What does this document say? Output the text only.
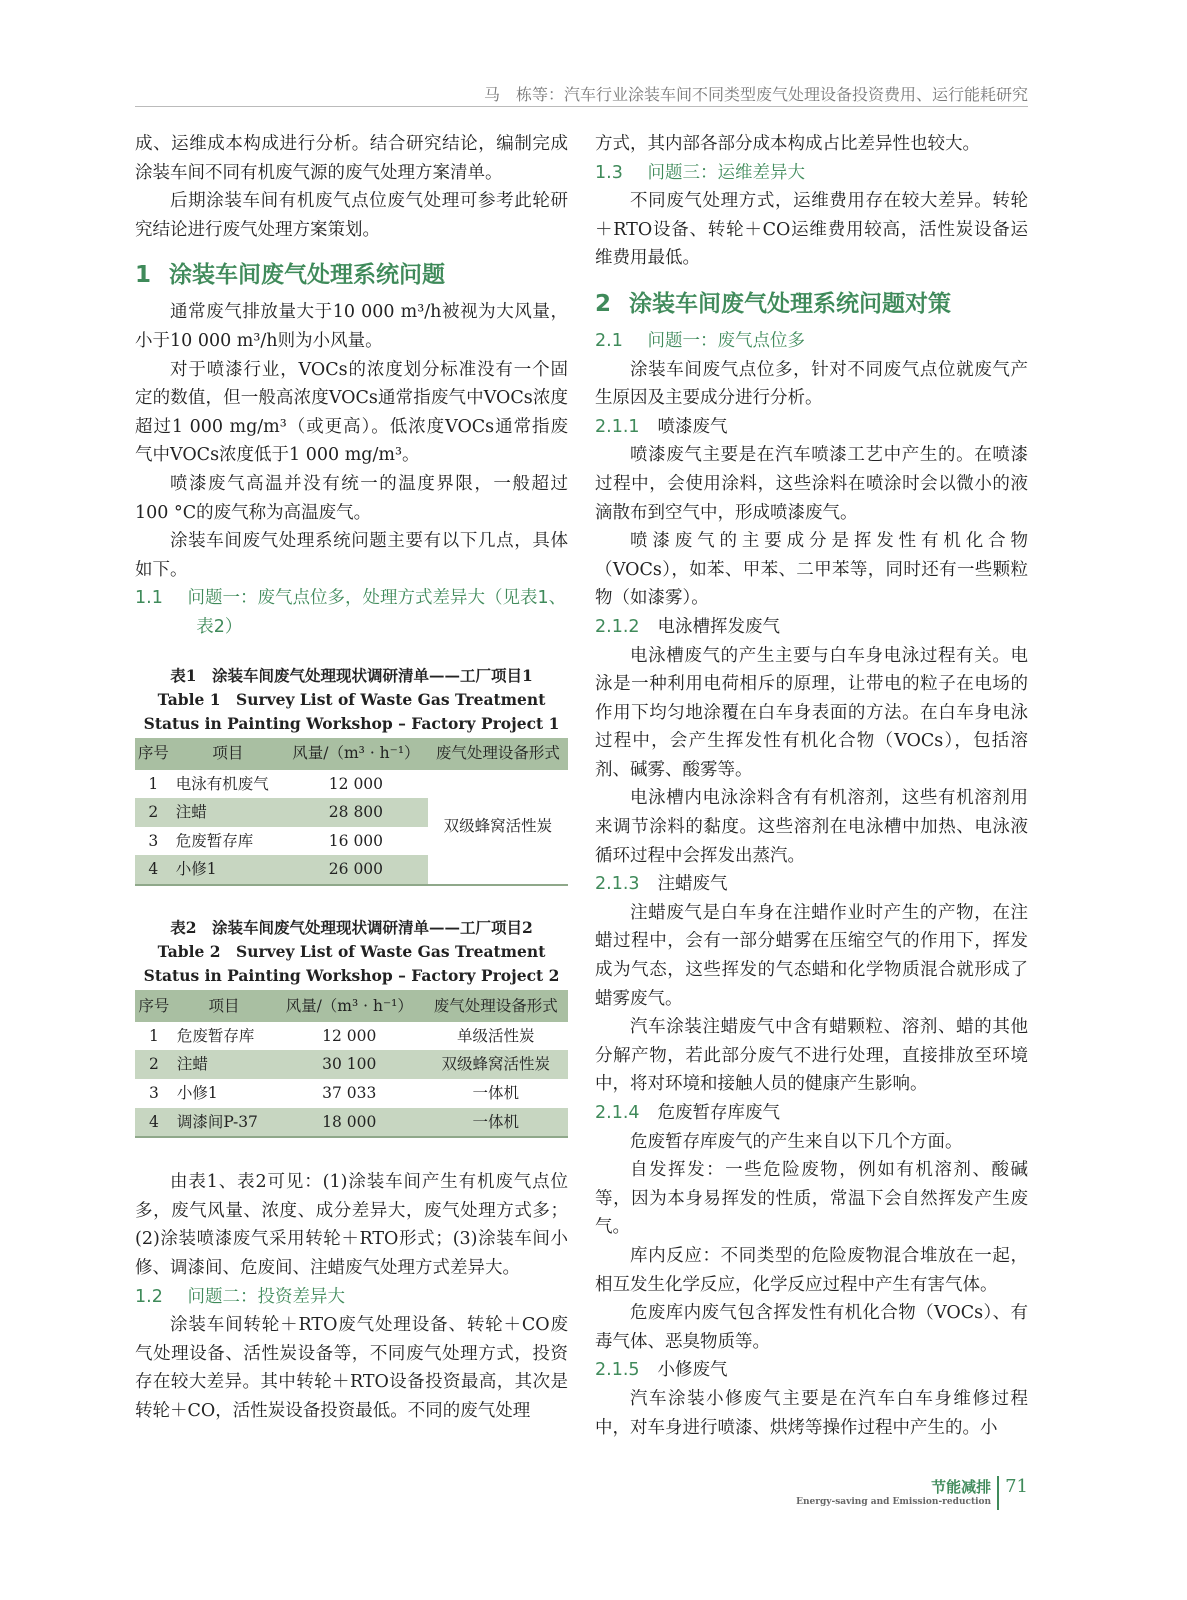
马　栋等：汽车行业涂装车间不同类型废气处理设备投资费用、运行能耗研究

成、运维成本构成进行分析。结合研究结论，编制完成涂装车间不同有机废气源的废气处理方案清单。

后期涂装车间有机废气点位废气处理可参考此轮研究结论进行废气处理方案策划。

1 涂装车间废气处理系统问题

通常废气排放量大于10 000 m³/h被视为大风量，小于10 000 m³/h则为小风量。

对于喷漆行业，VOCs的浓度划分标准没有一个固定的数值，但一般高浓度VOCs通常指废气中VOCs浓度超过1 000 mg/m³（或更高）。低浓度VOCs通常指废气中VOCs浓度低于1 000 mg/m³。

喷漆废气高温并没有统一的温度界限，一般超过100 °C的废气称为高温废气。

涂装车间废气处理系统问题主要有以下几点，具体如下。

1.1 问题一：废气点位多，处理方式差异大（见表1、表2）
表1　涂装车间废气处理现状调研清单——工厂项目1
Table 1　Survey List of Waste Gas Treatment Status in Painting Workshop – Factory Project 1
序号	项目	风量/（m³ · h⁻¹）	废气处理设备形式
1	电泳有机废气	12 000	双级蜂窝活性炭
2	注蜡	28 800	
3	危废暂存库	16 000	
4	小修1	26 000	
表2　涂装车间废气处理现状调研清单——工厂项目2
Table 2　Survey List of Waste Gas Treatment Status in Painting Workshop – Factory Project 2
序号	项目	风量/（m³ · h⁻¹）	废气处理设备形式
1	危废暂存库	12 000	单级活性炭
2	注蜡	30 100	双级蜂窝活性炭
3	小修1	37 033	一体机
4	调漆间P-37	18 000	一体机

由表1、表2可见：(1)涂装车间产生有机废气点位多，废气风量、浓度、成分差异大，废气处理方式多；(2)涂装喷漆废气采用转轮＋RTO形式；(3)涂装车间小修、调漆间、危废间、注蜡废气处理方式差异大。

1.2 问题二：投资差异大

涂装车间转轮＋RTO废气处理设备、转轮＋CO废气处理设备、活性炭设备等，不同废气处理方式，投资存在较大差异。其中转轮＋RTO设备投资最高，其次是转轮＋CO，活性炭设备投资最低。不同的废气处理

方式，其内部各部分成本构成占比差异性也较大。

1.3 问题三：运维差异大

不同废气处理方式，运维费用存在较大差异。转轮＋RTO设备、转轮＋CO运维费用较高，活性炭设备运维费用最低。

2 涂装车间废气处理系统问题对策
2.1 问题一：废气点位多

涂装车间废气点位多，针对不同废气点位就废气产生原因及主要成分进行分析。

2.1.1 喷漆废气

喷漆废气主要是在汽车喷漆工艺中产生的。在喷漆过程中，会使用涂料，这些涂料在喷涂时会以微小的液滴散布到空气中，形成喷漆废气。

喷漆废气的主要成分是挥发性有机化合物（VOCs），如苯、甲苯、二甲苯等，同时还有一些颗粒物（如漆雾）。

2.1.2 电泳槽挥发废气

电泳槽废气的产生主要与白车身电泳过程有关。电泳是一种利用电荷相斥的原理，让带电的粒子在电场的作用下均匀地涂覆在白车身表面的方法。在白车身电泳过程中，会产生挥发性有机化合物（VOCs），包括溶剂、碱雾、酸雾等。

电泳槽内电泳涂料含有有机溶剂，这些有机溶剂用来调节涂料的黏度。这些溶剂在电泳槽中加热、电泳液循环过程中会挥发出蒸汽。

2.1.3 注蜡废气

注蜡废气是白车身在注蜡作业时产生的产物，在注蜡过程中，会有一部分蜡雾在压缩空气的作用下，挥发成为气态，这些挥发的气态蜡和化学物质混合就形成了蜡雾废气。

汽车涂装注蜡废气中含有蜡颗粒、溶剂、蜡的其他分解产物，若此部分废气不进行处理，直接排放至环境中，将对环境和接触人员的健康产生影响。

2.1.4 危废暂存库废气

危废暂存库废气的产生来自以下几个方面。

自发挥发：一些危险废物，例如有机溶剂、酸碱等，因为本身易挥发的性质，常温下会自然挥发产生废气。

库内反应：不同类型的危险废物混合堆放在一起，相互发生化学反应，化学反应过程中产生有害气体。

危废库内废气包含挥发性有机化合物（VOCs）、有毒气体、恶臭物质等。

2.1.5 小修废气

汽车涂装小修废气主要是在汽车白车身维修过程中，对车身进行喷漆、烘烤等操作过程中产生的。小

节能减排
Energy-saving and Emission-reduction
71
